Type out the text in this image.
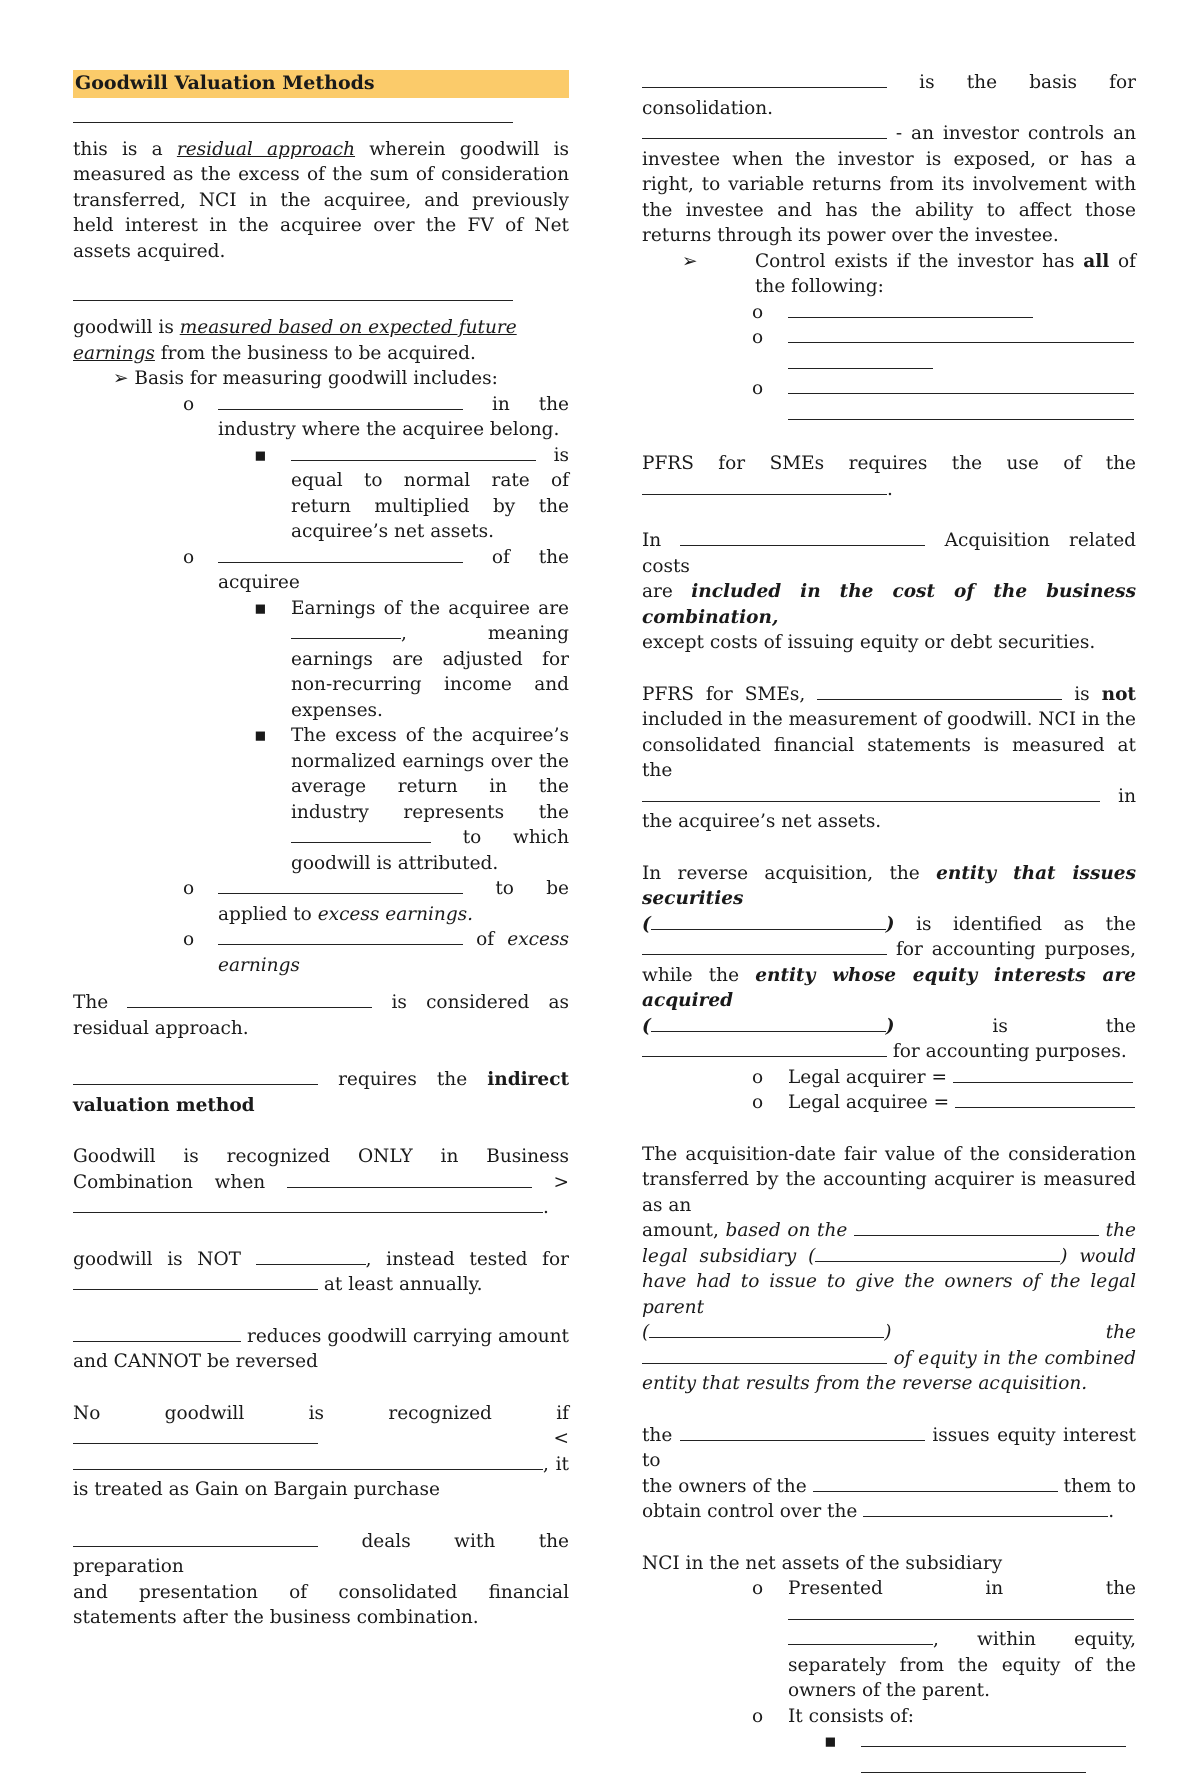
Goodwill Valuation Methods

this is a residual approach wherein goodwill is measured as the excess of the sum of consideration transferred, NCI in the acquiree, and previously held interest in the acquiree over the FV of Net assets acquired.

goodwill is measured based on expected future earnings from the business to be acquired.

➢ Basis for measuring goodwill includes:
o	in the
industry where the acquiree belong.
▪	is equal to normal rate of return multiplied by the acquiree’s net assets.
o	of the
acquiree
▪ Earnings of the acquiree are , meaning earnings are adjusted for non-recurring income and expenses.
▪ The excess of the acquiree’s normalized earnings over the average return in the industry represents the  to which goodwill is attributed.
o	to be
applied to excess earnings.
o	of excess
earnings

The	is considered as
residual approach.

requires the indirect
valuation method

Goodwill is recognized ONLY in Business
Combination when	>
.

goodwill is NOT	, instead tested for
at least annually.

reduces goodwill carrying amount
and CANNOT be reversed

No goodwill is recognized if
<
, it
is treated as Gain on Bargain purchase

deals with the preparation
and presentation of consolidated financial statements after the business combination.

is the basis for
consolidation.

- an investor controls an
investee when the investor is exposed, or has a right, to variable returns from its involvement with the investee and has the ability to affect those returns through its power over the investee.

➢	Control exists if the investor has all of the following:
o
o

o

PFRS for SMEs requires the use of the
.

In	Acquisition related costs
are included in the cost of the business combination,
except costs of issuing equity or debt securities.

PFRS for SMEs,	is not
included in the measurement of goodwill. NCI in the consolidated financial statements is measured at the
in
the acquiree’s net assets.

In reverse acquisition, the entity that issues securities
(	) is identified as the
for accounting purposes,
while the entity whose equity interests are acquired
(	)	is the
for accounting purposes.

o Legal acquirer =
o Legal acquiree =

The acquisition-date fair value of the consideration transferred by the accounting acquirer is measured as an
amount, based on the	the
legal subsidiary (	) would
have had to issue to give the owners of the legal parent
(	)	the
of equity in the combined
entity that results from the reverse acquisition.

the	issues equity interest to
the owners of the	them to
obtain control over the	.

NCI in the net assets of the subsidiary

o Presented in the
, within equity,
separately from the equity of the owners of the parent.
o It consists of:
▪
